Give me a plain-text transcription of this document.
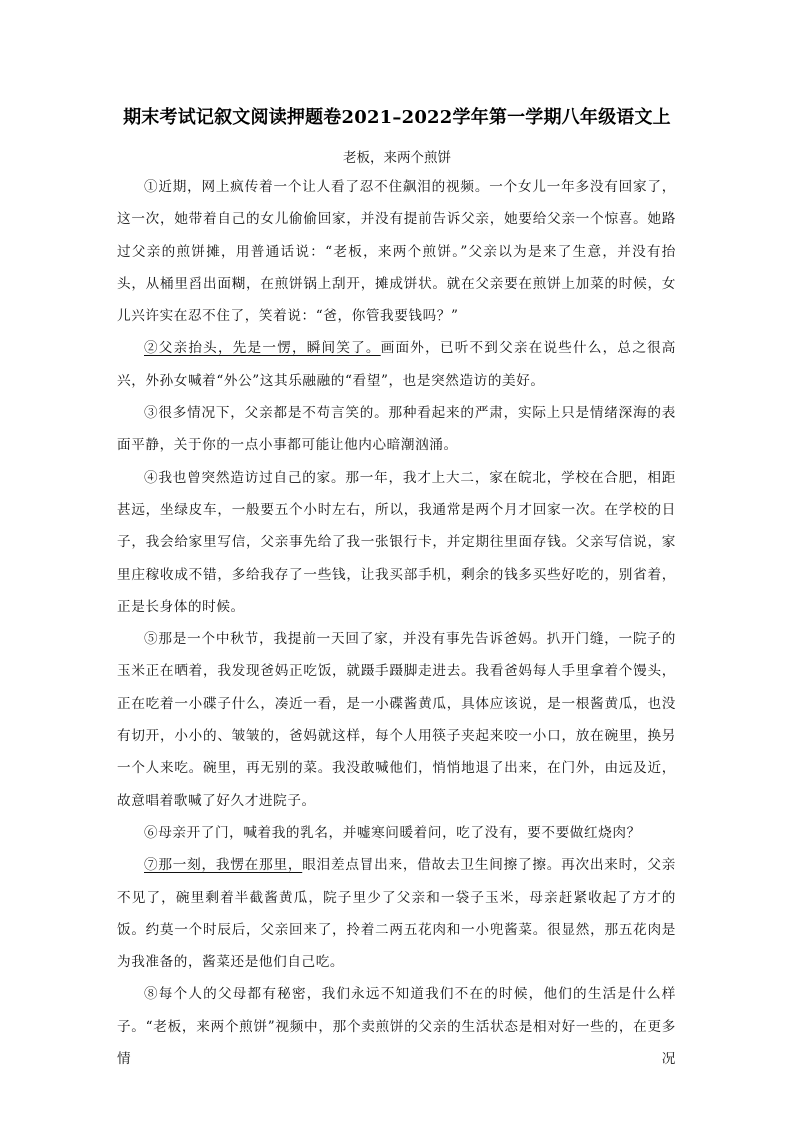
期末考试记叙文阅读押题卷2021–2022学年第一学期八年级语文上
老板，来两个煎饼

①近期，网上疯传着一个让人看了忍不住飙泪的视频。一个女儿一年多没有回家了，这一次，她带着自己的女儿偷偷回家，并没有提前告诉父亲，她要给父亲一个惊喜。她路过父亲的煎饼摊，用普通话说：“老板，来两个煎饼。”父亲以为是来了生意，并没有抬头，从桶里舀出面糊，在煎饼锅上刮开，摊成饼状。就在父亲要在煎饼上加菜的时候，女儿兴许实在忍不住了，笑着说：“爸，你管我要钱吗？”

②父亲抬头，先是一愣，瞬间笑了。画面外，已听不到父亲在说些什么，总之很高兴，外孙女喊着“外公”这其乐融融的“看望”，也是突然造访的美好。

③很多情况下，父亲都是不苟言笑的。那种看起来的严肃，实际上只是情绪深海的表面平静，关于你的一点小事都可能让他内心暗潮汹涌。

④我也曾突然造访过自己的家。那一年，我才上大二，家在皖北，学校在合肥，相距甚远，坐绿皮车，一般要五个小时左右，所以，我通常是两个月才回家一次。在学校的日子，我会给家里写信，父亲事先给了我一张银行卡，并定期往里面存钱。父亲写信说，家里庄稼收成不错，多给我存了一些钱，让我买部手机，剩余的钱多买些好吃的，别省着，正是长身体的时候。

⑤那是一个中秋节，我提前一天回了家，并没有事先告诉爸妈。扒开门缝，一院子的玉米正在晒着，我发现爸妈正吃饭，就蹑手蹑脚走进去。我看爸妈每人手里拿着个馒头，正在吃着一小碟子什么，凑近一看，是一小碟酱黄瓜，具体应该说，是一根酱黄瓜，也没有切开，小小的、皱皱的，爸妈就这样，每个人用筷子夹起来咬一小口，放在碗里，换另一个人来吃。碗里，再无别的菜。我没敢喊他们，悄悄地退了出来，在门外，由远及近，故意唱着歌喊了好久才进院子。

⑥母亲开了门，喊着我的乳名，并嘘寒问暖着问，吃了没有，要不要做红烧肉？

⑦那一刻，我愣在那里，眼泪差点冒出来，借故去卫生间擦了擦。再次出来时，父亲不见了，碗里剩着半截酱黄瓜，院子里少了父亲和一袋子玉米，母亲赶紧收起了方才的饭。约莫一个时辰后，父亲回来了，拎着二两五花肉和一小兜酱菜。很显然，那五花肉是为我准备的，酱菜还是他们自己吃。

⑧每个人的父母都有秘密，我们永远不知道我们不在的时候，他们的生活是什么样子。“老板，来两个煎饼”视频中，那个卖煎饼的父亲的生活状态是相对好一些的，在更多情况
